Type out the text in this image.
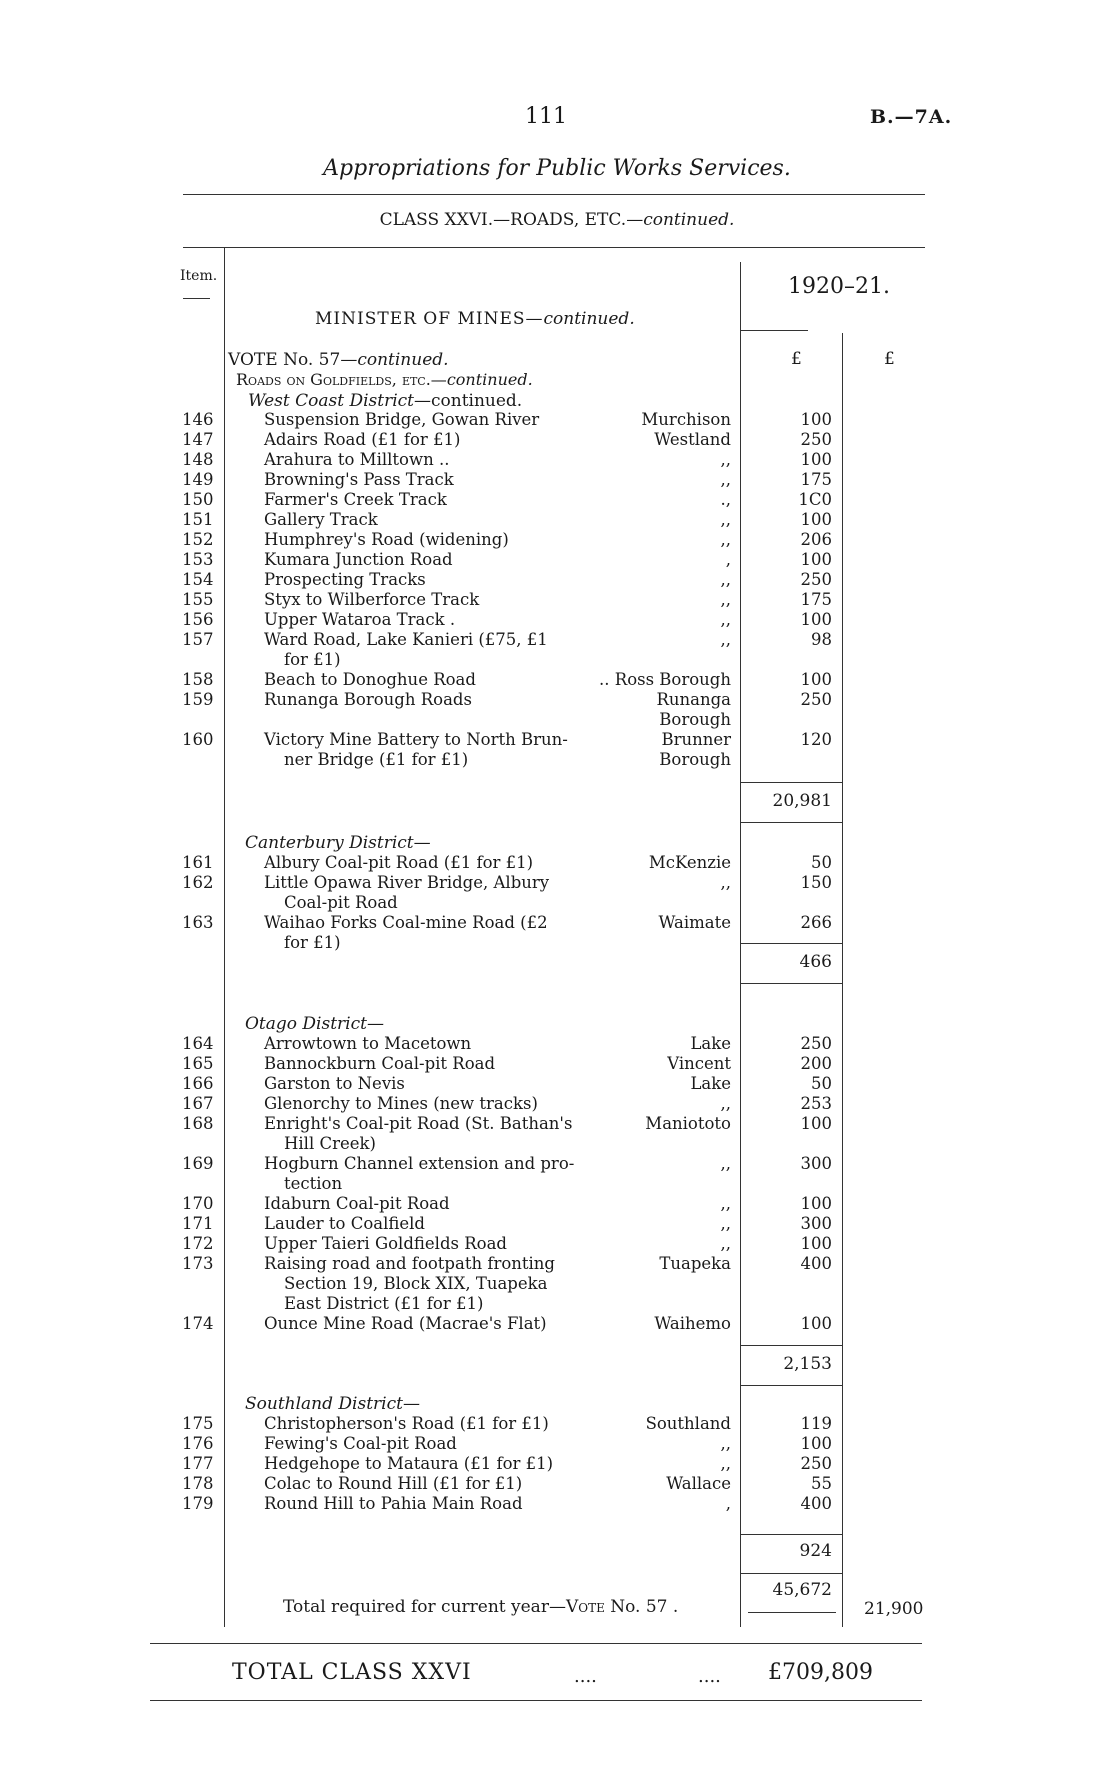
111	B.—7A.
Appropriations for Public Works Services.
CLASS XXVI.—ROADS, ETC.—continued.
Item.	1920–21.
MINISTER OF MINES—continued.
£	£
VOTE No. 57—continued.
Roads on Goldfields, etc.—continued.
West Coast District—continued.
146	Suspension Bridge, Gowan River	Murchison	100
147	Adairs Road (£1 for £1)	Westland	250
148	Arahura to Milltown ..	,,	100
149	Browning's Pass Track	,,	175
150	Farmer's Creek Track	.,	1C0
151	Gallery Track	,,	100
152	Humphrey's Road (widening)	,,	206
153	Kumara Junction Road	,	100
154	Prospecting Tracks	,,	250
155	Styx to Wilberforce Track	,,	175
156	Upper Wataroa Track .	,,	100
157	Ward Road, Lake Kanieri (£75, £1	,,	98
for £1)
158	Beach to Donoghue Road	.. Ross Borough	100
159	Runanga Borough Roads	Runanga	250
Borough
160	Victory Mine Battery to North Brun-	Brunner	120
ner Bridge (£1 for £1)	Borough
20,981
Canterbury District—
161	Albury Coal-pit Road (£1 for £1)	McKenzie	50
162	Little Opawa River Bridge, Albury	,,	150
Coal-pit Road
163	Waihao Forks Coal-mine Road (£2	Waimate	266
for £1)
466
Otago District—
164	Arrowtown to Macetown	Lake	250
165	Bannockburn Coal-pit Road	Vincent	200
166	Garston to Nevis	Lake	50
167	Glenorchy to Mines (new tracks)	,,	253
168	Enright's Coal-pit Road (St. Bathan's	Maniototo	100
Hill Creek)
169	Hogburn Channel extension and pro-	,,	300
tection
170	Idaburn Coal-pit Road	,,	100
171	Lauder to Coalfield	,,	300
172	Upper Taieri Goldfields Road	,,	100
173	Raising road and footpath fronting	Tuapeka	400
Section 19, Block XIX, Tuapeka
East District (£1 for £1)
174	Ounce Mine Road (Macrae's Flat)	Waihemo	100
2,153
Southland District—
175	Christopherson's Road (£1 for £1)	Southland	119
176	Fewing's Coal-pit Road	,,	100
177	Hedgehope to Mataura (£1 for £1)	,,	250
178	Colac to Round Hill (£1 for £1)	Wallace	55
179	Round Hill to Pahia Main Road	,	400
924
45,672
Total required for current year—Vote No. 57 .	21,900
TOTAL CLASS XXVI	....	.... £709,809
